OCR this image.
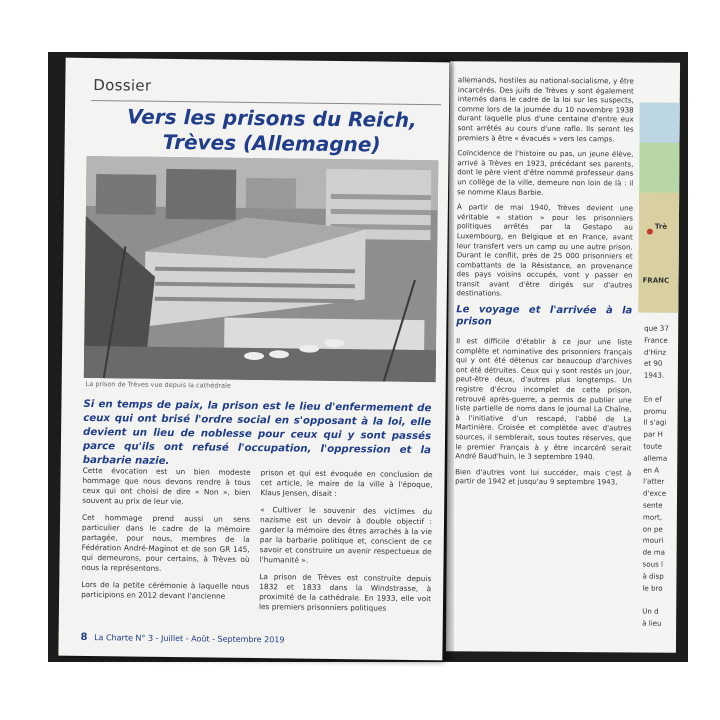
allemands, hostiles au national-socialisme, y être incarcérés. Des juifs de Trèves y sont également internés dans le cadre de la loi sur les suspects, comme lors de la journée du 10 novembre 1938 durant laquelle plus d'une centaine d'entre eux sont arrêtés au cours d'une rafle. Ils seront les premiers à être « évacués » vers les camps.

Coïncidence de l'histoire ou pas, un jeune élève, arrivé à Trèves en 1923, précédant ses parents, dont le père vient d'être nommé professeur dans un collège de la ville, demeure non loin de là : il se nomme Klaus Barbie.

À partir de mai 1940, Trèves devient une véritable « station » pour les prisonniers politiques arrêtés par la Gestapo au Luxembourg, en Belgique et en France, avant leur transfert vers un camp ou une autre prison. Durant le conflit, près de 25 000 prisonniers et combattants de la Résistance, en provenance des pays voisins occupés, vont y passer en transit avant d'être dirigés sur d'autres destinations.

Le voyage et l'arrivée à la prison

Il est difficile d'établir à ce jour une liste complète et nominative des prisonniers français qui y ont été détenus car beaucoup d'archives ont été détruites. Ceux qui y sont restés un jour, peut-être deux, d'autres plus longtemps. Un registre d'écrou incomplet de cette prison, retrouvé après-guerre, a permis de publier une liste partielle de noms dans le journal La Chaîne, à l'initiative d'un rescapé, l'abbé de La Martinière. Croisée et complétée avec d'autres sources, il semblerait, sous toutes réserves, que le premier Français à y être incarcéré serait André Baud'huin, le 3 septembre 1940.

Bien d'autres vont lui succéder, mais c'est à partir de 1942 et jusqu'au 9 septembre 1943,

Trè
FRANC
que 37
France
d'Hinz
et 90
1943.
En ef
promu
Il s'agi
par H
toute
allema
en A
l'atter
d'exce
sente
mort,
on pe
mouri
de ma
sous l
à disp
le bro
Un d
à lieu
Dossier
Vers les prisons du Reich,
Trèves (Allemagne)
La prison de Trèves vue depuis la cathédrale
Si en temps de paix, la prison est le lieu d'enfermement de ceux qui ont brisé l'ordre social en s'opposant à la loi, elle devient un lieu de noblesse pour ceux qui y sont passés parce qu'ils ont refusé l'occupation, l'oppression et la barbarie nazie.

Cette évocation est un bien modeste hommage que nous devons rendre à tous ceux qui ont choisi de dire « Non », bien souvent au prix de leur vie.

Cet hommage prend aussi un sens particulier dans le cadre de la mémoire partagée, pour nous, membres de la Fédération André-Maginot et de son GR 145, qui demeurons, pour certains, à Trèves où nous la représentons.

Lors de la petite cérémonie à laquelle nous participions en 2012 devant l'ancienne

prison et qui est évoquée en conclusion de cet article, le maire de la ville à l'époque, Klaus Jensen, disait :

« Cultiver le souvenir des victimes du nazisme est un devoir à double objectif : garder la mémoire des êtres arrachés à la vie par la barbarie politique et, conscient de ce savoir et construire un avenir respectueux de l'humanité ».

La prison de Trèves est construite depuis 1832 et 1833 dans la Windstrasse, à proximité de la cathédrale. En 1933, elle voit les premiers prisonniers politiques

8 La Charte N° 3 - Juillet - Août - Septembre 2019
